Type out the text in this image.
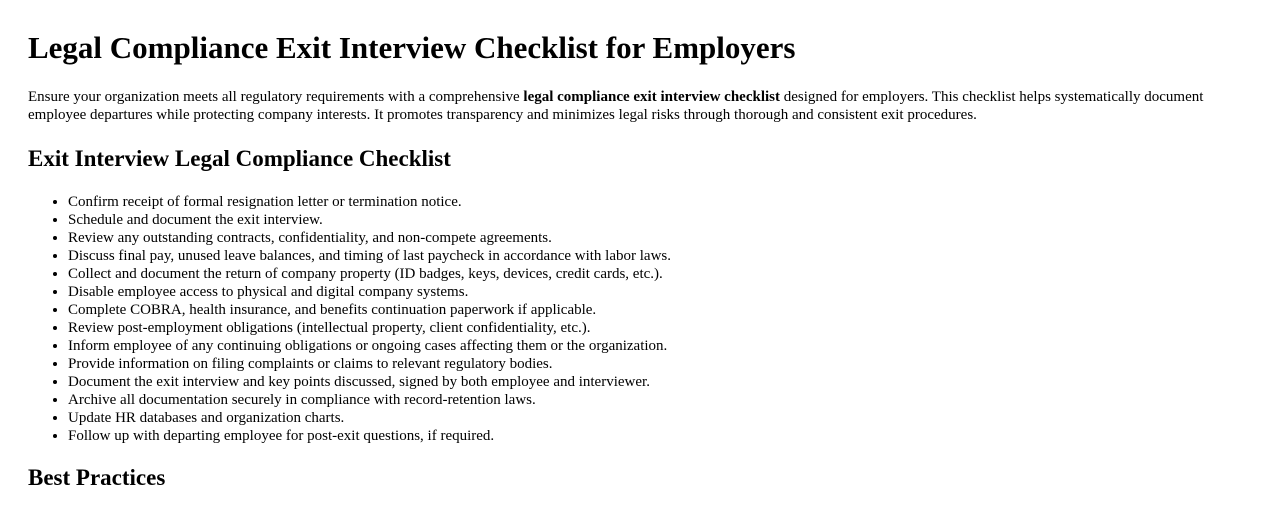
Legal Compliance Exit Interview Checklist for Employers

Ensure your organization meets all regulatory requirements with a comprehensive legal compliance exit interview checklist designed for employers. This checklist helps systematically document employee departures while protecting company interests. It promotes transparency and minimizes legal risks through thorough and consistent exit procedures.

Exit Interview Legal Compliance Checklist
• Confirm receipt of formal resignation letter or termination notice.
• Schedule and document the exit interview.
• Review any outstanding contracts, confidentiality, and non-compete agreements.
• Discuss final pay, unused leave balances, and timing of last paycheck in accordance with labor laws.
• Collect and document the return of company property (ID badges, keys, devices, credit cards, etc.).
• Disable employee access to physical and digital company systems.
• Complete COBRA, health insurance, and benefits continuation paperwork if applicable.
• Review post-employment obligations (intellectual property, client confidentiality, etc.).
• Inform employee of any continuing obligations or ongoing cases affecting them or the organization.
• Provide information on filing complaints or claims to relevant regulatory bodies.
• Document the exit interview and key points discussed, signed by both employee and interviewer.
• Archive all documentation securely in compliance with record-retention laws.
• Update HR databases and organization charts.
• Follow up with departing employee for post-exit questions, if required.
Best Practices
